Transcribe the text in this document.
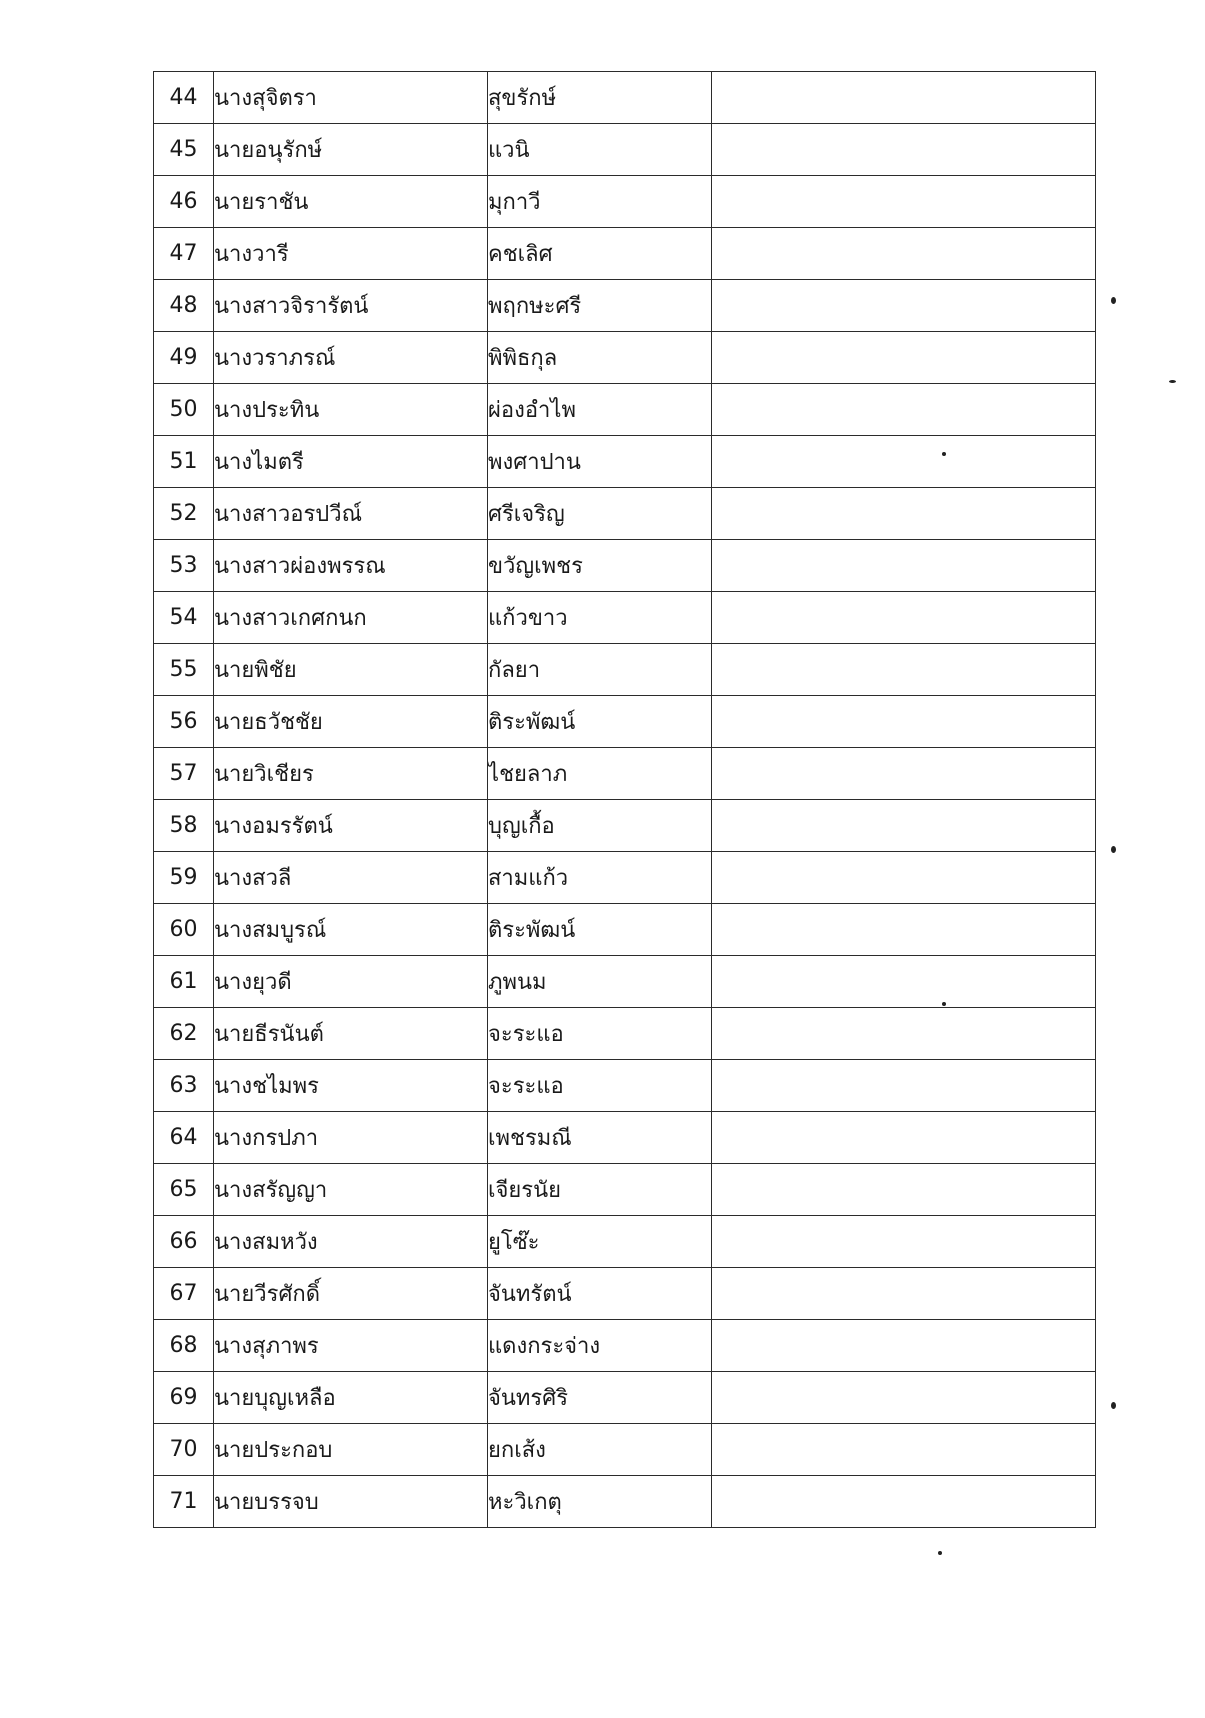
44	นางสุจิตรา	สุขรักษ์	
45	นายอนุรักษ์	แวนิ	
46	นายราชัน	มุกาวี	
47	นางวารี	คชเลิศ	
48	นางสาวจิรารัตน์	พฤกษะศรี	
49	นางวราภรณ์	พิพิธกุล	
50	นางประทิน	ผ่องอำไพ	
51	นางไมตรี	พงศาปาน	
52	นางสาวอรปวีณ์	ศรีเจริญ	
53	นางสาวผ่องพรรณ	ขวัญเพชร	
54	นางสาวเกศกนก	แก้วขาว	
55	นายพิชัย	กัลยา	
56	นายธวัชชัย	ติระพัฒน์	
57	นายวิเชียร	ไชยลาภ	
58	นางอมรรัตน์	บุญเกื้อ	
59	นางสวลี	สามแก้ว	
60	นางสมบูรณ์	ติระพัฒน์	
61	นางยุวดี	ภูพนม	
62	นายธีรนันต์	จะระแอ	
63	นางชไมพร	จะระแอ	
64	นางกรปภา	เพชรมณี	
65	นางสรัญญา	เจียรนัย	
66	นางสมหวัง	ยูโซ๊ะ	
67	นายวีรศักดิ์	จันทรัตน์	
68	นางสุภาพร	แดงกระจ่าง	
69	นายบุญเหลือ	จันทรศิริ	
70	นายประกอบ	ยกเส้ง	
71	นายบรรจบ	หะวิเกตุ	
